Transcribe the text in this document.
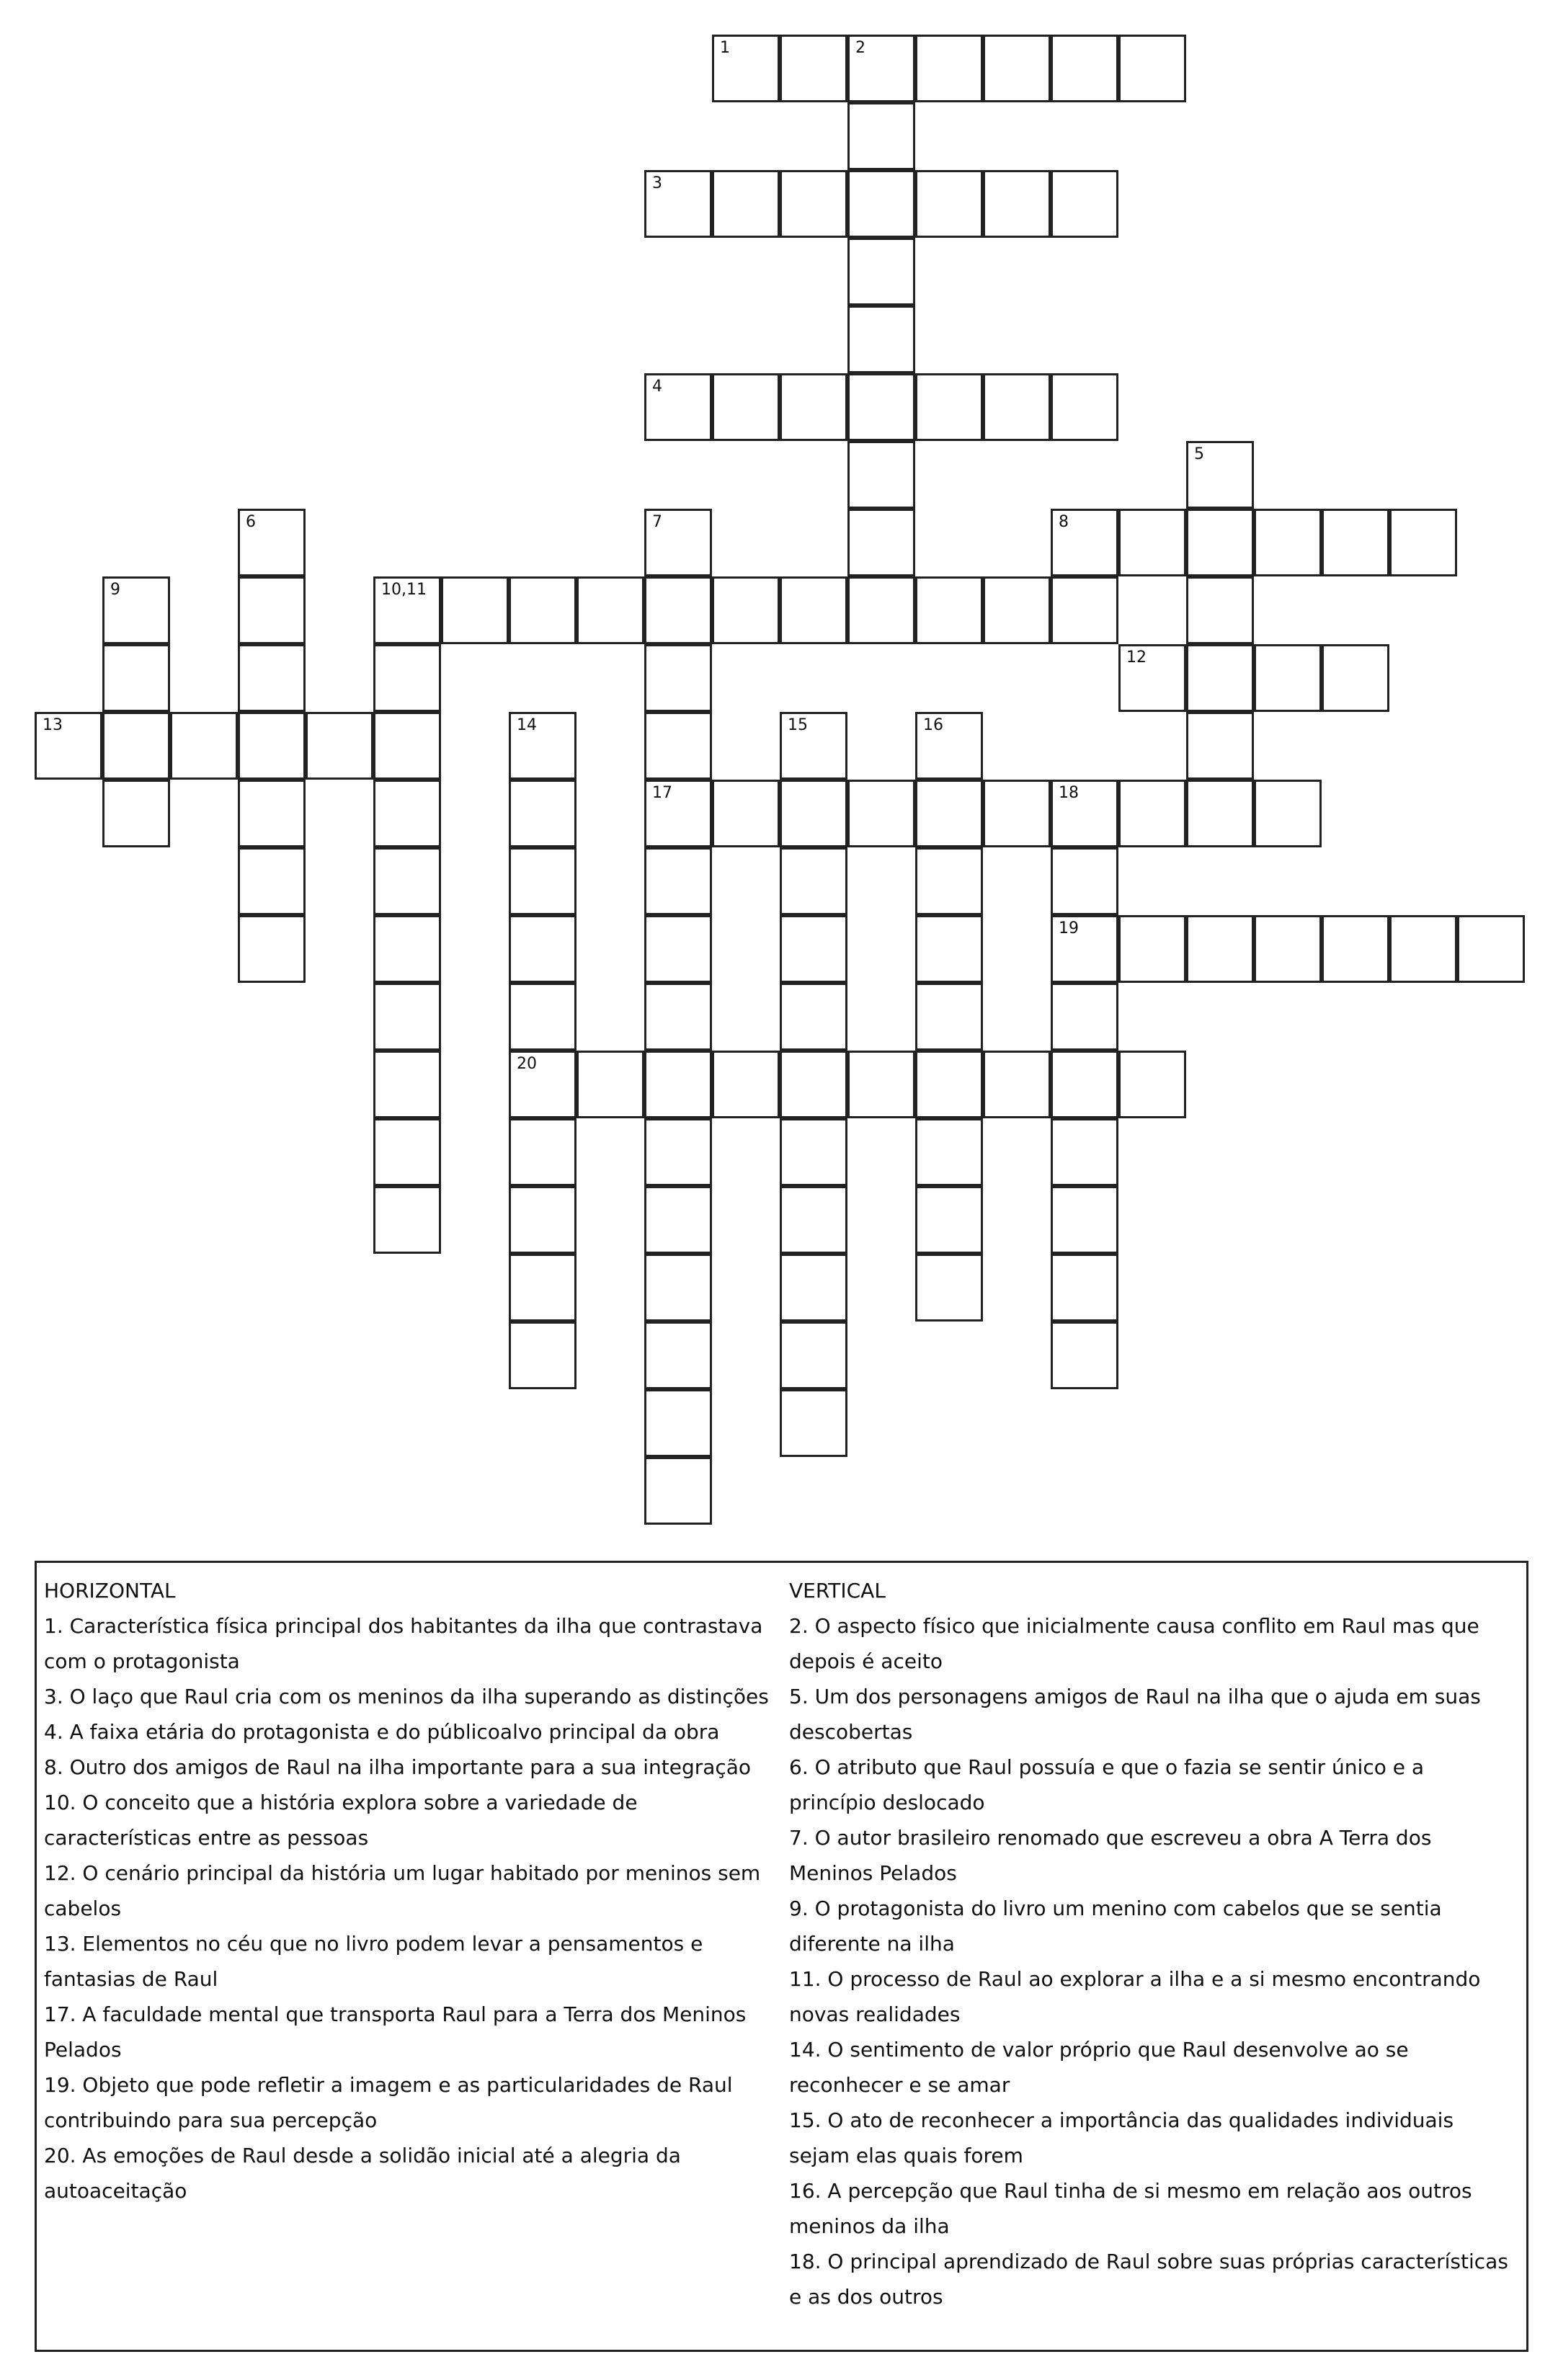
1	2
3
4
5
6	7
17
8
9	10,11
12
13	14
20
15	16
18
19
HORIZONTAL
1. Característica física principal dos habitantes da ilha que contrastava com o protagonista
3. O laço que Raul cria com os meninos da ilha superando as distinções
4. A faixa etária do protagonista e do públicoalvo principal da obra
8. Outro dos amigos de Raul na ilha importante para a sua integração
10. O conceito que a história explora sobre a variedade de características entre as pessoas
12. O cenário principal da história um lugar habitado por meninos sem cabelos
13. Elementos no céu que no livro podem levar a pensamentos e fantasias de Raul
17. A faculdade mental que transporta Raul para a Terra dos Meninos Pelados
19. Objeto que pode refletir a imagem e as particularidades de Raul contribuindo para sua percepção
20. As emoções de Raul desde a solidão inicial até a alegria da autoaceitação
VERTICAL
2. O aspecto físico que inicialmente causa conflito em Raul mas que depois é aceito
5. Um dos personagens amigos de Raul na ilha que o ajuda em suas descobertas
6. O atributo que Raul possuía e que o fazia se sentir único e a princípio deslocado
7. O autor brasileiro renomado que escreveu a obra A Terra dos Meninos Pelados
9. O protagonista do livro um menino com cabelos que se sentia diferente na ilha
11. O processo de Raul ao explorar a ilha e a si mesmo encontrando novas realidades
14. O sentimento de valor próprio que Raul desenvolve ao se reconhecer e se amar
15. O ato de reconhecer a importância das qualidades individuais sejam elas quais forem
16. A percepção que Raul tinha de si mesmo em relação aos outros meninos da ilha
18. O principal aprendizado de Raul sobre suas próprias características e as dos outros
